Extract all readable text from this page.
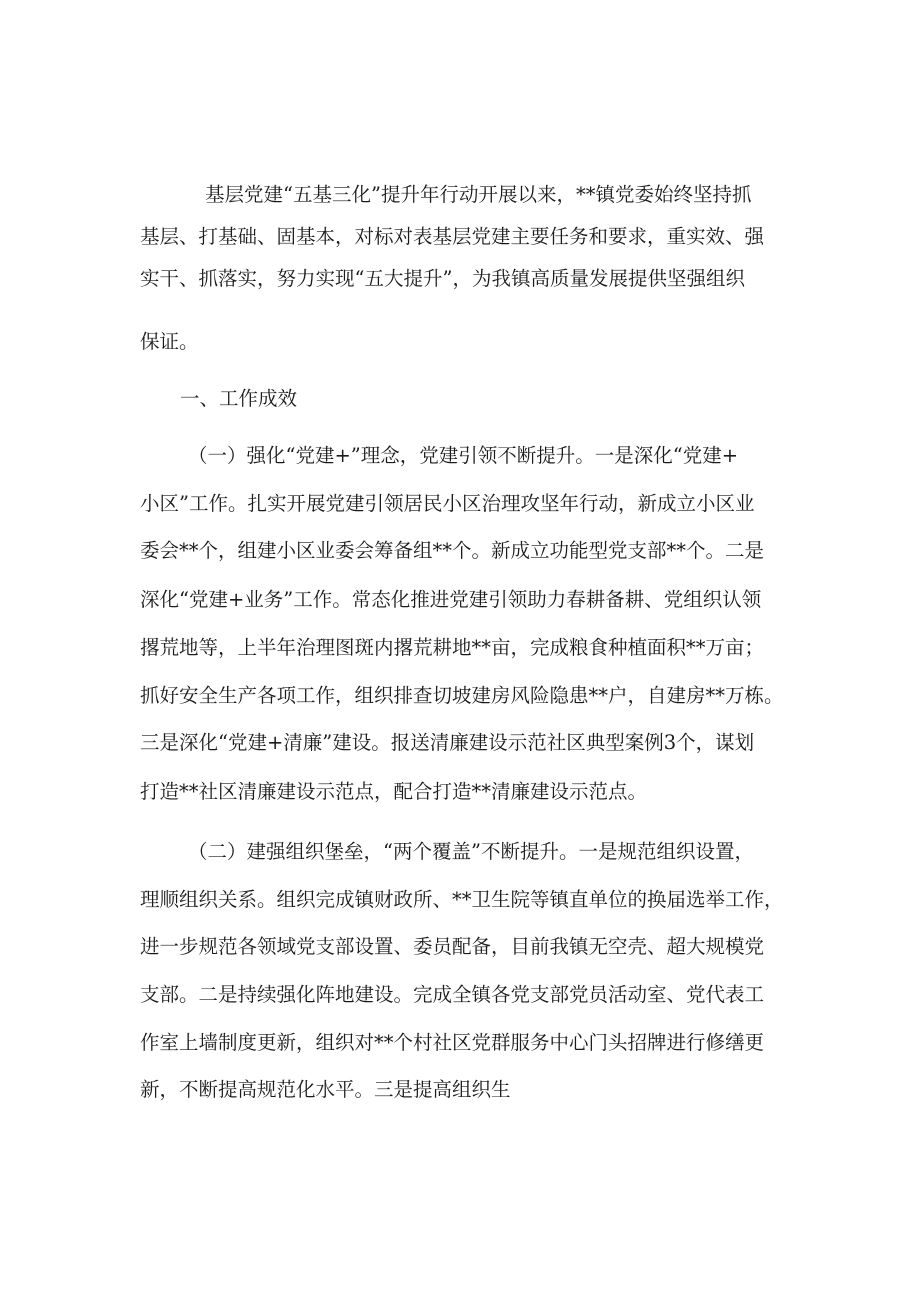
基层党建“五基三化”提升年行动开展以来，**镇党委始终坚持抓
基层、打基础、固基本，对标对表基层党建主要任务和要求，重实效、强
实干、抓落实，努力实现“五大提升”，为我镇高质量发展提供坚强组织
保证。
一、工作成效
（一）强化“党建+”理念，党建引领不断提升。一是深化“党建+
小区”工作。扎实开展党建引领居民小区治理攻坚年行动，新成立小区业
委会**个，组建小区业委会筹备组**个。新成立功能型党支部**个。二是
深化“党建+业务”工作。常态化推进党建引领助力春耕备耕、党组织认领
撂荒地等，上半年治理图斑内撂荒耕地**亩，完成粮食种植面积**万亩；
抓好安全生产各项工作，组织排查切坡建房风险隐患**户，自建房**万栋。
三是深化“党建+清廉”建设。报送清廉建设示范社区典型案例3个，谋划
打造**社区清廉建设示范点，配合打造**清廉建设示范点。
（二）建强组织堡垒，“两个覆盖”不断提升。一是规范组织设置，
理顺组织关系。组织完成镇财政所、**卫生院等镇直单位的换届选举工作，
进一步规范各领域党支部设置、委员配备，目前我镇无空壳、超大规模党
支部。二是持续强化阵地建设。完成全镇各党支部党员活动室、党代表工
作室上墙制度更新，组织对**个村社区党群服务中心门头招牌进行修缮更
新，不断提高规范化水平。三是提高组织生
